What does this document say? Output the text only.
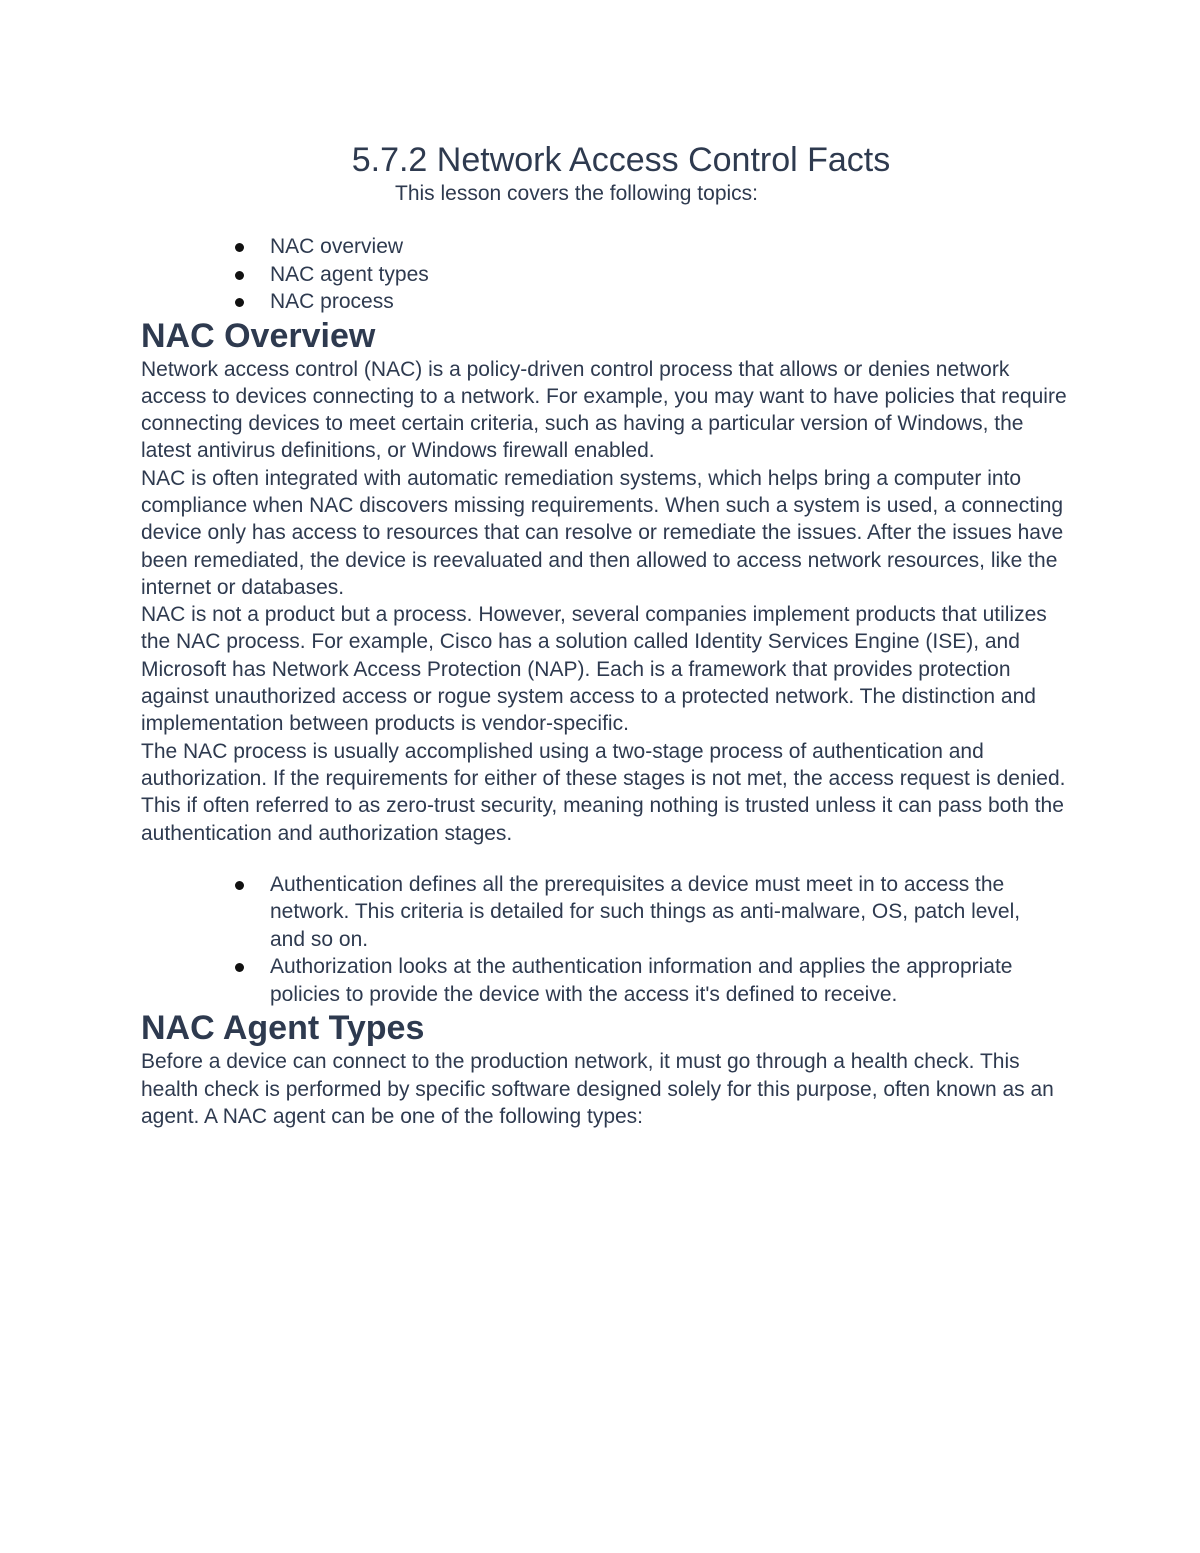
5.7.2 Network Access Control Facts

This lesson covers the following topics:

NAC overview
NAC agent types
NAC process
NAC Overview

Network access control (NAC) is a policy-driven control process that allows or denies network access to devices connecting to a network. For example, you may want to have policies that require connecting devices to meet certain criteria, such as having a particular version of Windows, the latest antivirus definitions, or Windows firewall enabled.

NAC is often integrated with automatic remediation systems, which helps bring a computer into compliance when NAC discovers missing requirements. When such a system is used, a connecting device only has access to resources that can resolve or remediate the issues. After the issues have been remediated, the device is reevaluated and then allowed to access network resources, like the internet or databases.

NAC is not a product but a process. However, several companies implement products that utilizes the NAC process. For example, Cisco has a solution called Identity Services Engine (ISE), and Microsoft has Network Access Protection (NAP). Each is a framework that provides protection against unauthorized access or rogue system access to a protected network. The distinction and implementation between products is vendor-specific.

The NAC process is usually accomplished using a two-stage process of authentication and authorization. If the requirements for either of these stages is not met, the access request is denied. This if often referred to as zero-trust security, meaning nothing is trusted unless it can pass both the authentication and authorization stages.

Authentication defines all the prerequisites a device must meet in to access the network. This criteria is detailed for such things as anti-malware, OS, patch level, and so on.
Authorization looks at the authentication information and applies the appropriate policies to provide the device with the access it's defined to receive.
NAC Agent Types

Before a device can connect to the production network, it must go through a health check. This health check is performed by specific software designed solely for this purpose, often known as an agent. A NAC agent can be one of the following types:
